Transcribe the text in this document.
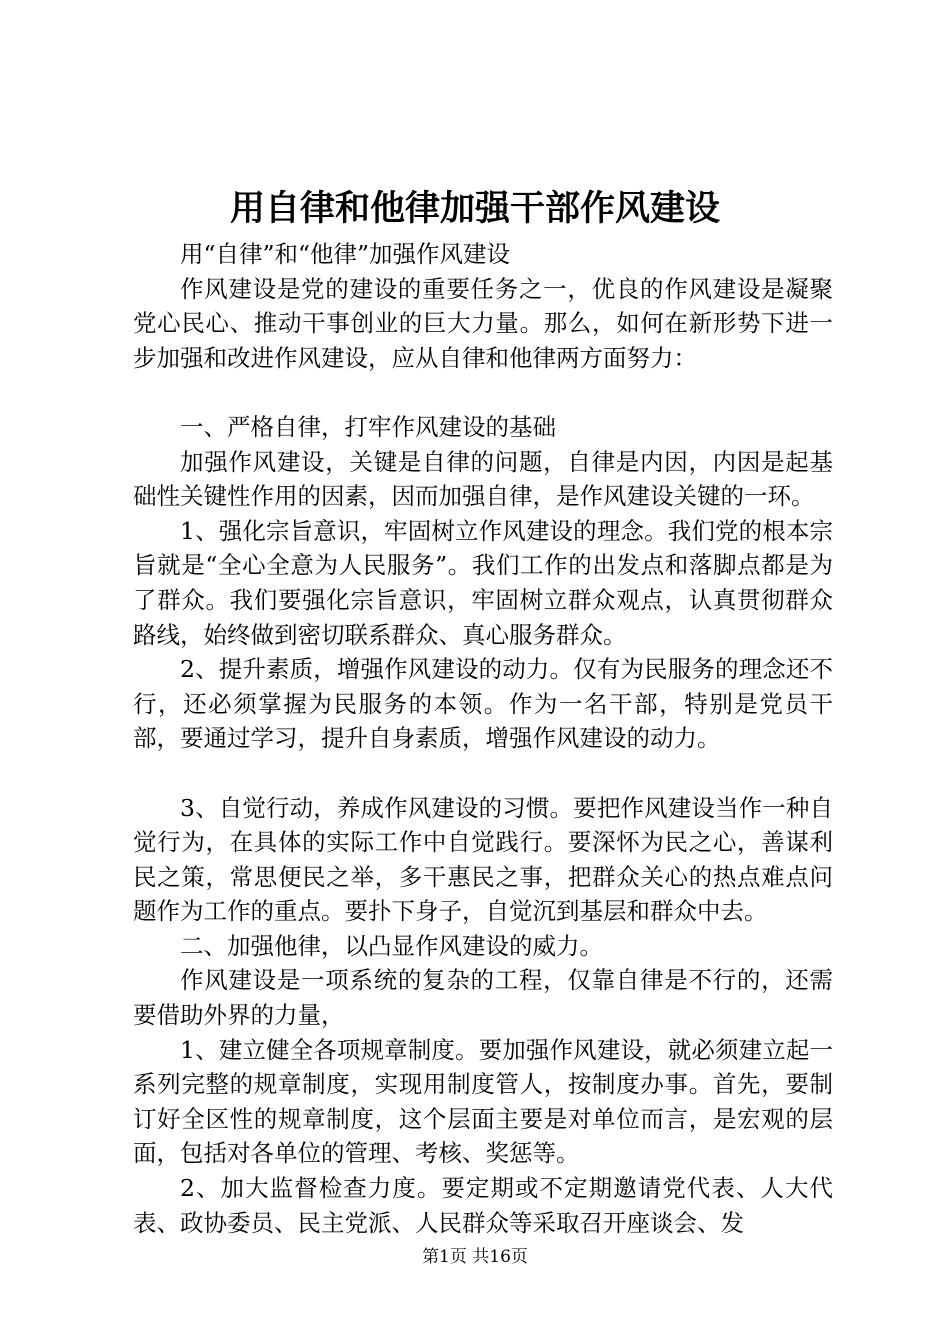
用自律和他律加强干部作风建设

用“自律”和“他律”加强作风建设

作风建设是党的建设的重要任务之一，优良的作风建设是凝聚党心民心、推动干事创业的巨大力量。那么，如何在新形势下进一步加强和改进作风建设，应从自律和他律两方面努力：

一、严格自律，打牢作风建设的基础

加强作风建设，关键是自律的问题，自律是内因，内因是起基础性关键性作用的因素，因而加强自律，是作风建设关键的一环。

1、强化宗旨意识，牢固树立作风建设的理念。我们党的根本宗旨就是“全心全意为人民服务”。我们工作的出发点和落脚点都是为了群众。我们要强化宗旨意识，牢固树立群众观点，认真贯彻群众路线，始终做到密切联系群众、真心服务群众。

2、提升素质，增强作风建设的动力。仅有为民服务的理念还不行，还必须掌握为民服务的本领。作为一名干部，特别是党员干部，要通过学习，提升自身素质，增强作风建设的动力。

3、自觉行动，养成作风建设的习惯。要把作风建设当作一种自觉行为，在具体的实际工作中自觉践行。要深怀为民之心，善谋利民之策，常思便民之举，多干惠民之事，把群众关心的热点难点问题作为工作的重点。要扑下身子，自觉沉到基层和群众中去。

二、加强他律，以凸显作风建设的威力。

作风建设是一项系统的复杂的工程，仅靠自律是不行的，还需要借助外界的力量，

1、建立健全各项规章制度。要加强作风建设，就必须建立起一系列完整的规章制度，实现用制度管人，按制度办事。首先，要制订好全区性的规章制度，这个层面主要是对单位而言，是宏观的层面，包括对各单位的管理、考核、奖惩等。

2、加大监督检查力度。要定期或不定期邀请党代表、人大代表、政协委员、民主党派、人民群众等采取召开座谈会、发

第1页 共16页
